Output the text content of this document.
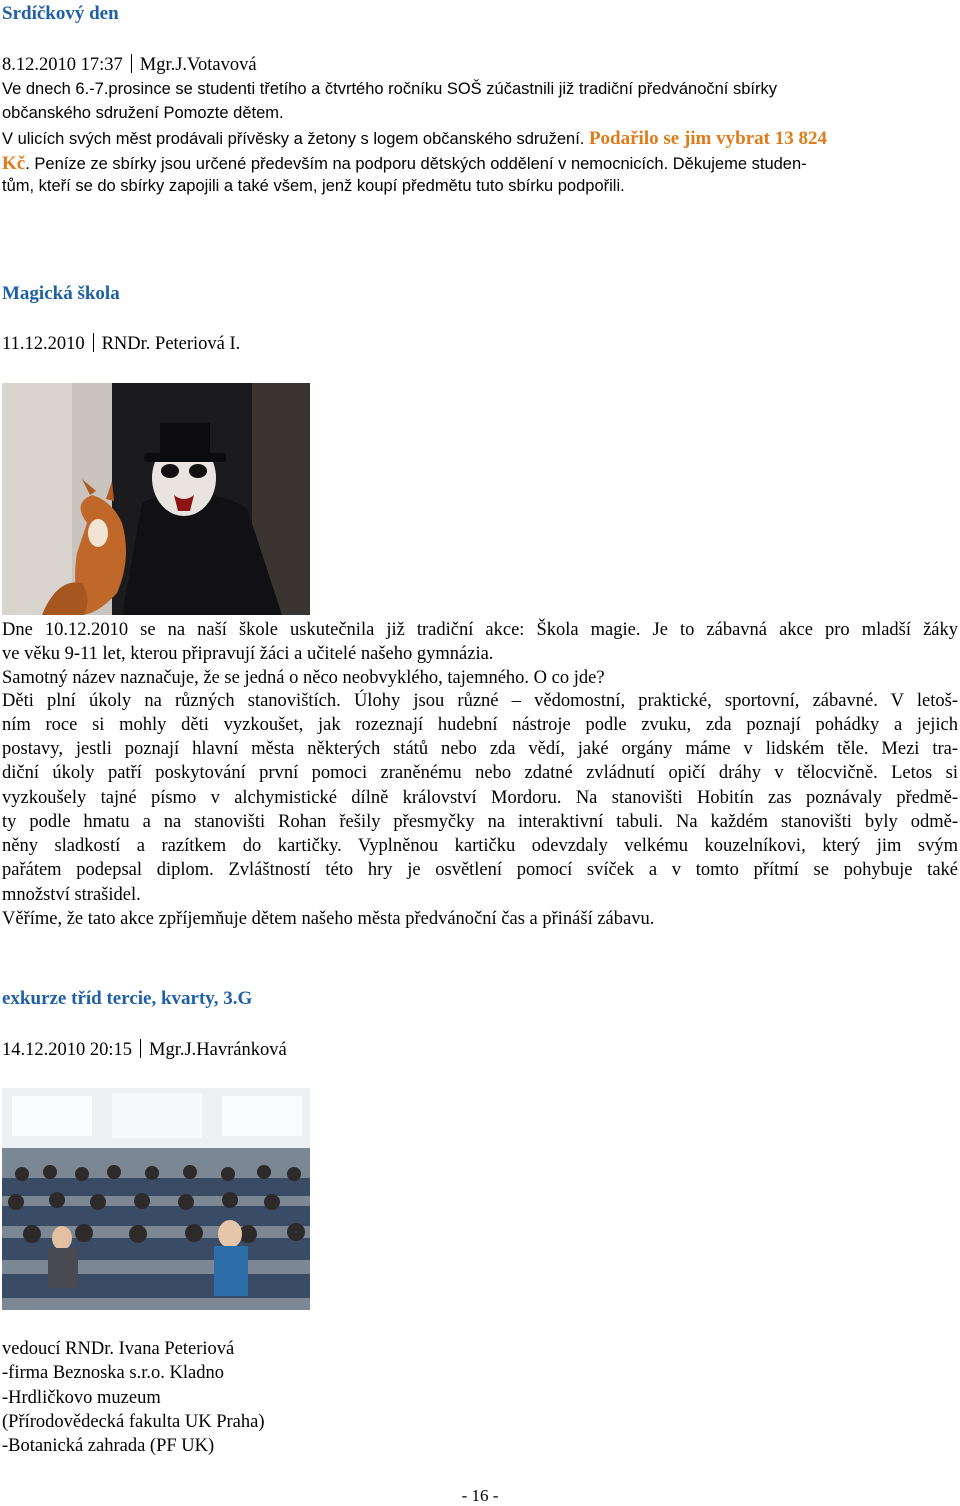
Srdíčkový den
8.12.2010 17:37 Mgr.J.Votavová
Ve dnech 6.-7.prosince se studenti třetího a čtvrtého ročníku SOŠ zúčastnili již tradiční předvánoční sbírky
občanského sdružení Pomozte dětem.
V ulicích svých měst prodávali přívěsky a žetony s logem občanského sdružení. Podařilo se jim vybrat 13 824
Kč. Peníze ze sbírky jsou určené především na podporu dětských oddělení v nemocnicích. Děkujeme studen-
tům, kteří se do sbírky zapojili a také všem, jenž koupí předmětu tuto sbírku podpořili.
Magická škola
11.12.2010 RNDr. Peteriová I.
Dne 10.12.2010 se na naší škole uskutečnila již tradiční akce: Škola magie. Je to zábavná akce pro mladší žáky
ve věku 9-11 let, kterou připravují žáci a učitelé našeho gymnázia.
Samotný název naznačuje, že se jedná o něco neobvyklého, tajemného. O co jde?
Děti plní úkoly na různých stanovištích. Úlohy jsou různé – vědomostní, praktické, sportovní, zábavné. V letoš-
ním roce si mohly děti vyzkoušet, jak rozeznají hudební nástroje podle zvuku, zda poznají pohádky a jejich
postavy, jestli poznají hlavní města některých států nebo zda vědí, jaké orgány máme v lidském těle. Mezi tra-
diční úkoly patří poskytování první pomoci zraněnému nebo zdatné zvládnutí opičí dráhy v tělocvičně. Letos si
vyzkoušely tajné písmo v alchymistické dílně království Mordoru. Na stanovišti Hobitín zas poznávaly předmě-
ty podle hmatu a na stanovišti Rohan řešily přesmyčky na interaktivní tabuli. Na každém stanovišti byly odmě-
něny sladkostí a razítkem do kartičky. Vyplněnou kartičku odevzdaly velkému kouzelníkovi, který jim svým
pařátem podepsal diplom. Zvláštností této hry je osvětlení pomocí svíček a v tomto přítmí se pohybuje také
množství strašidel.
Věříme, že tato akce zpříjemňuje dětem našeho města předvánoční čas a přináší zábavu.
exkurze tříd tercie, kvarty, 3.G
14.12.2010 20:15 Mgr.J.Havránková
vedoucí RNDr. Ivana Peteriová
-firma Beznoska s.r.o. Kladno
-Hrdličkovo muzeum
(Přírodovědecká fakulta UK Praha)
-Botanická zahrada (PF UK)
- 16 -
